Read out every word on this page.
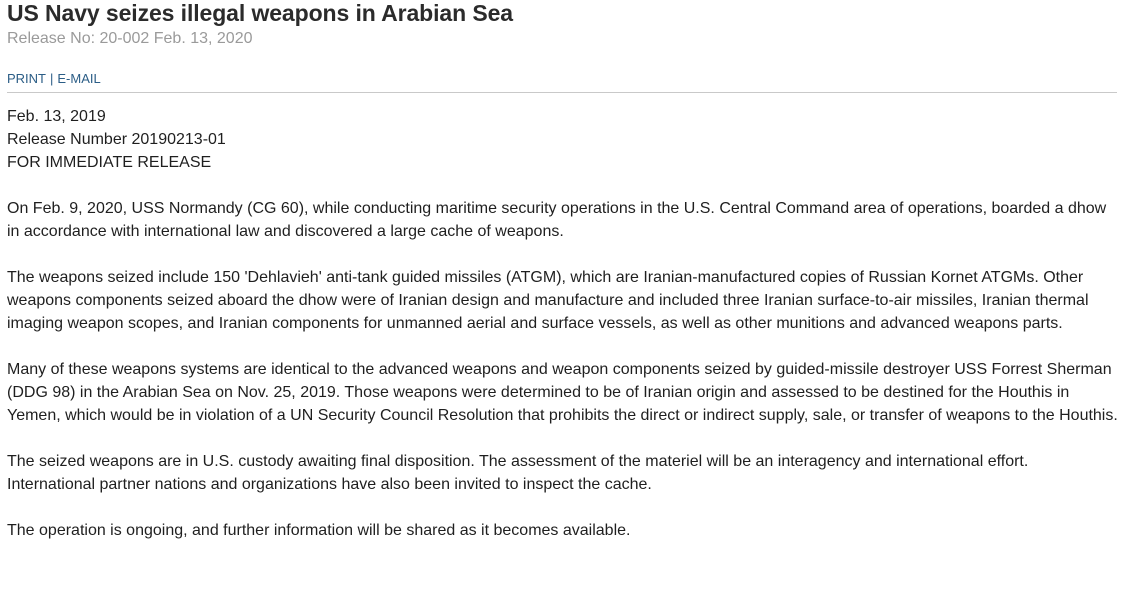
US Navy seizes illegal weapons in Arabian Sea
Release No: 20-002 Feb. 13, 2020
PRINT | E-MAIL
Feb. 13, 2019
Release Number 20190213-01
FOR IMMEDIATE RELEASE

On Feb. 9, 2020, USS Normandy (CG 60), while conducting maritime security operations in the U.S. Central Command area of operations, boarded a dhow in accordance with international law and discovered a large cache of weapons.

The weapons seized include 150 'Dehlavieh' anti-tank guided missiles (ATGM), which are Iranian-manufactured copies of Russian Kornet ATGMs. Other weapons components seized aboard the dhow were of Iranian design and manufacture and included three Iranian surface-to-air missiles, Iranian thermal imaging weapon scopes, and Iranian components for unmanned aerial and surface vessels, as well as other munitions and advanced weapons parts.

Many of these weapons systems are identical to the advanced weapons and weapon components seized by guided-missile destroyer USS Forrest Sherman (DDG 98) in the Arabian Sea on Nov. 25, 2019. Those weapons were determined to be of Iranian origin and assessed to be destined for the Houthis in Yemen, which would be in violation of a UN Security Council Resolution that prohibits the direct or indirect supply, sale, or transfer of weapons to the Houthis.

The seized weapons are in U.S. custody awaiting final disposition. The assessment of the materiel will be an interagency and international effort. International partner nations and organizations have also been invited to inspect the cache.

The operation is ongoing, and further information will be shared as it becomes available.
